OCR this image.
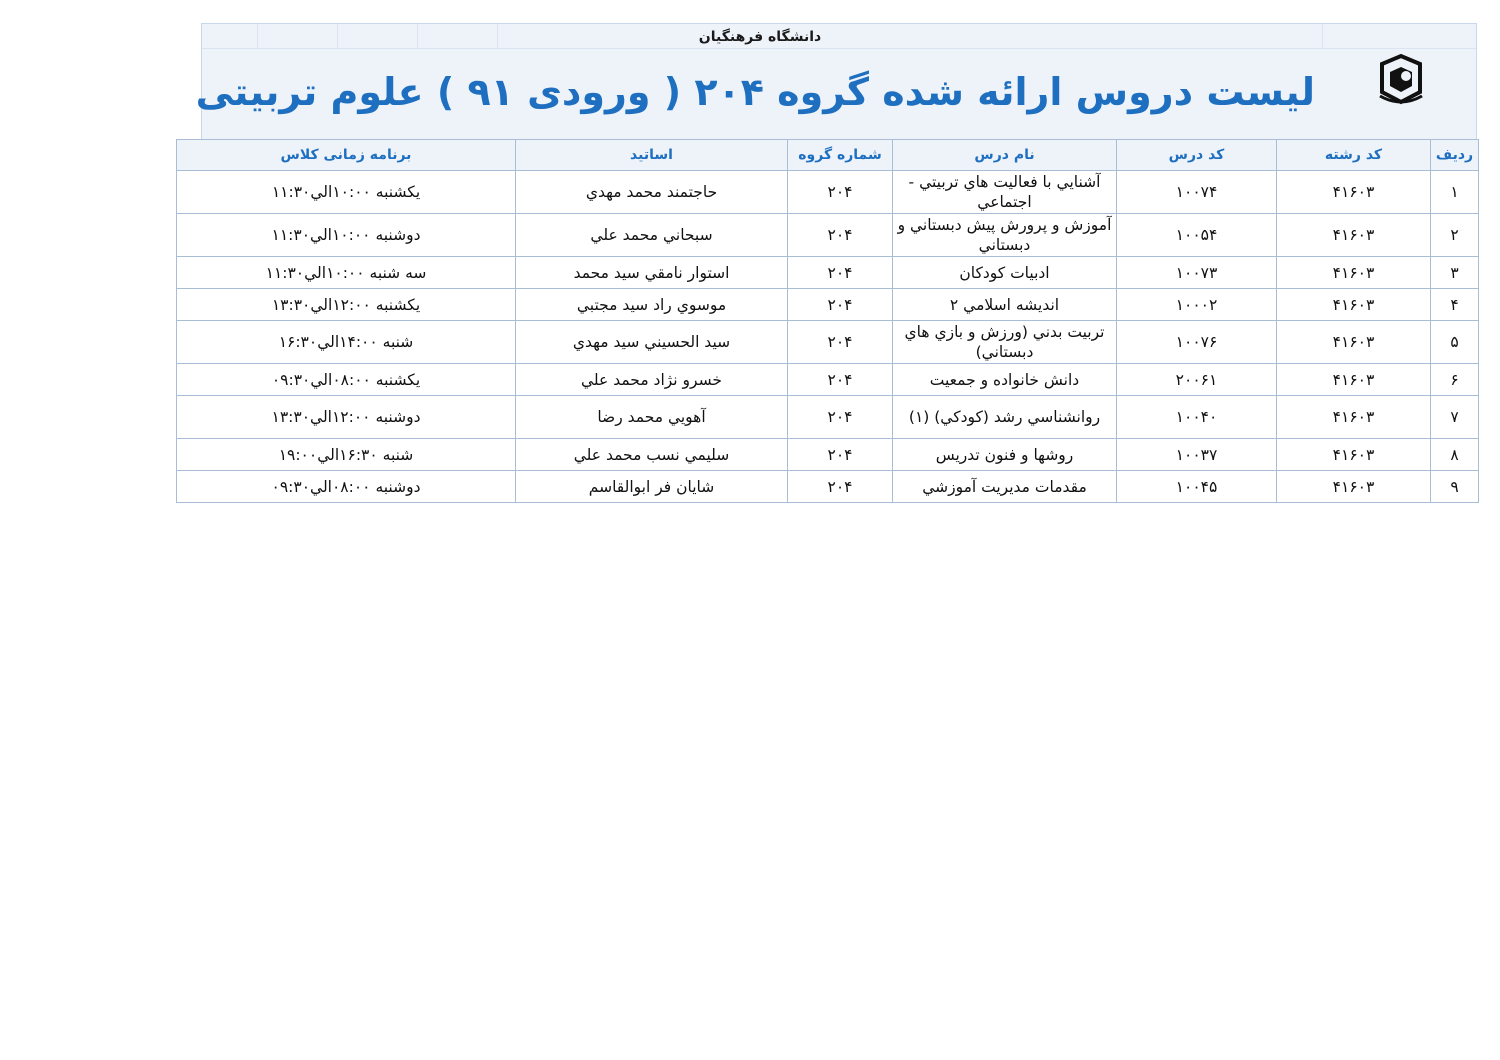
دانشگاه فرهنگیان
لیست دروس ارائه شده گروه ۲۰۴ ( ورودی ۹۱ ) علوم تربیتی
ردیف	کد رشته	کد درس	نام درس	شماره گروه	اساتید	برنامه زمانی کلاس
۱	۴۱۶۰۳	۱۰۰۷۴	آشنايي با فعاليت هاي تربيتي - اجتماعي	۲۰۴	حاجتمند محمد مهدي	يكشنبه ۱۰:۰۰الي۱۱:۳۰
۲	۴۱۶۰۳	۱۰۰۵۴	آموزش و پرورش پيش دبستاني و دبستاني	۲۰۴	سبحاني محمد علي	دوشنبه ۱۰:۰۰الي۱۱:۳۰
۳	۴۱۶۰۳	۱۰۰۷۳	ادبيات كودكان	۲۰۴	استوار نامقي سيد محمد	سه شنبه ۱۰:۰۰الي۱۱:۳۰
۴	۴۱۶۰۳	۱۰۰۰۲	انديشه اسلامي ۲	۲۰۴	موسوي راد سيد مجتبي	يكشنبه ۱۲:۰۰الي۱۳:۳۰
۵	۴۱۶۰۳	۱۰۰۷۶	تربيت بدني (ورزش و بازي هاي دبستاني)	۲۰۴	سيد الحسيني سيد مهدي	شنبه ۱۴:۰۰الي۱۶:۳۰
۶	۴۱۶۰۳	۲۰۰۶۱	دانش خانواده و جمعيت	۲۰۴	خسرو نژاد محمد علي	يكشنبه ۰۸:۰۰الي۰۹:۳۰
۷	۴۱۶۰۳	۱۰۰۴۰	روانشناسي رشد (كودكي) (۱)	۲۰۴	آهويي محمد رضا	دوشنبه ۱۲:۰۰الي۱۳:۳۰
۸	۴۱۶۰۳	۱۰۰۳۷	روشها و فنون تدريس	۲۰۴	سليمي نسب محمد علي	شنبه ۱۶:۳۰الي۱۹:۰۰
۹	۴۱۶۰۳	۱۰۰۴۵	مقدمات مديريت آموزشي	۲۰۴	شايان فر ابوالقاسم	دوشنبه ۰۸:۰۰الي۰۹:۳۰
